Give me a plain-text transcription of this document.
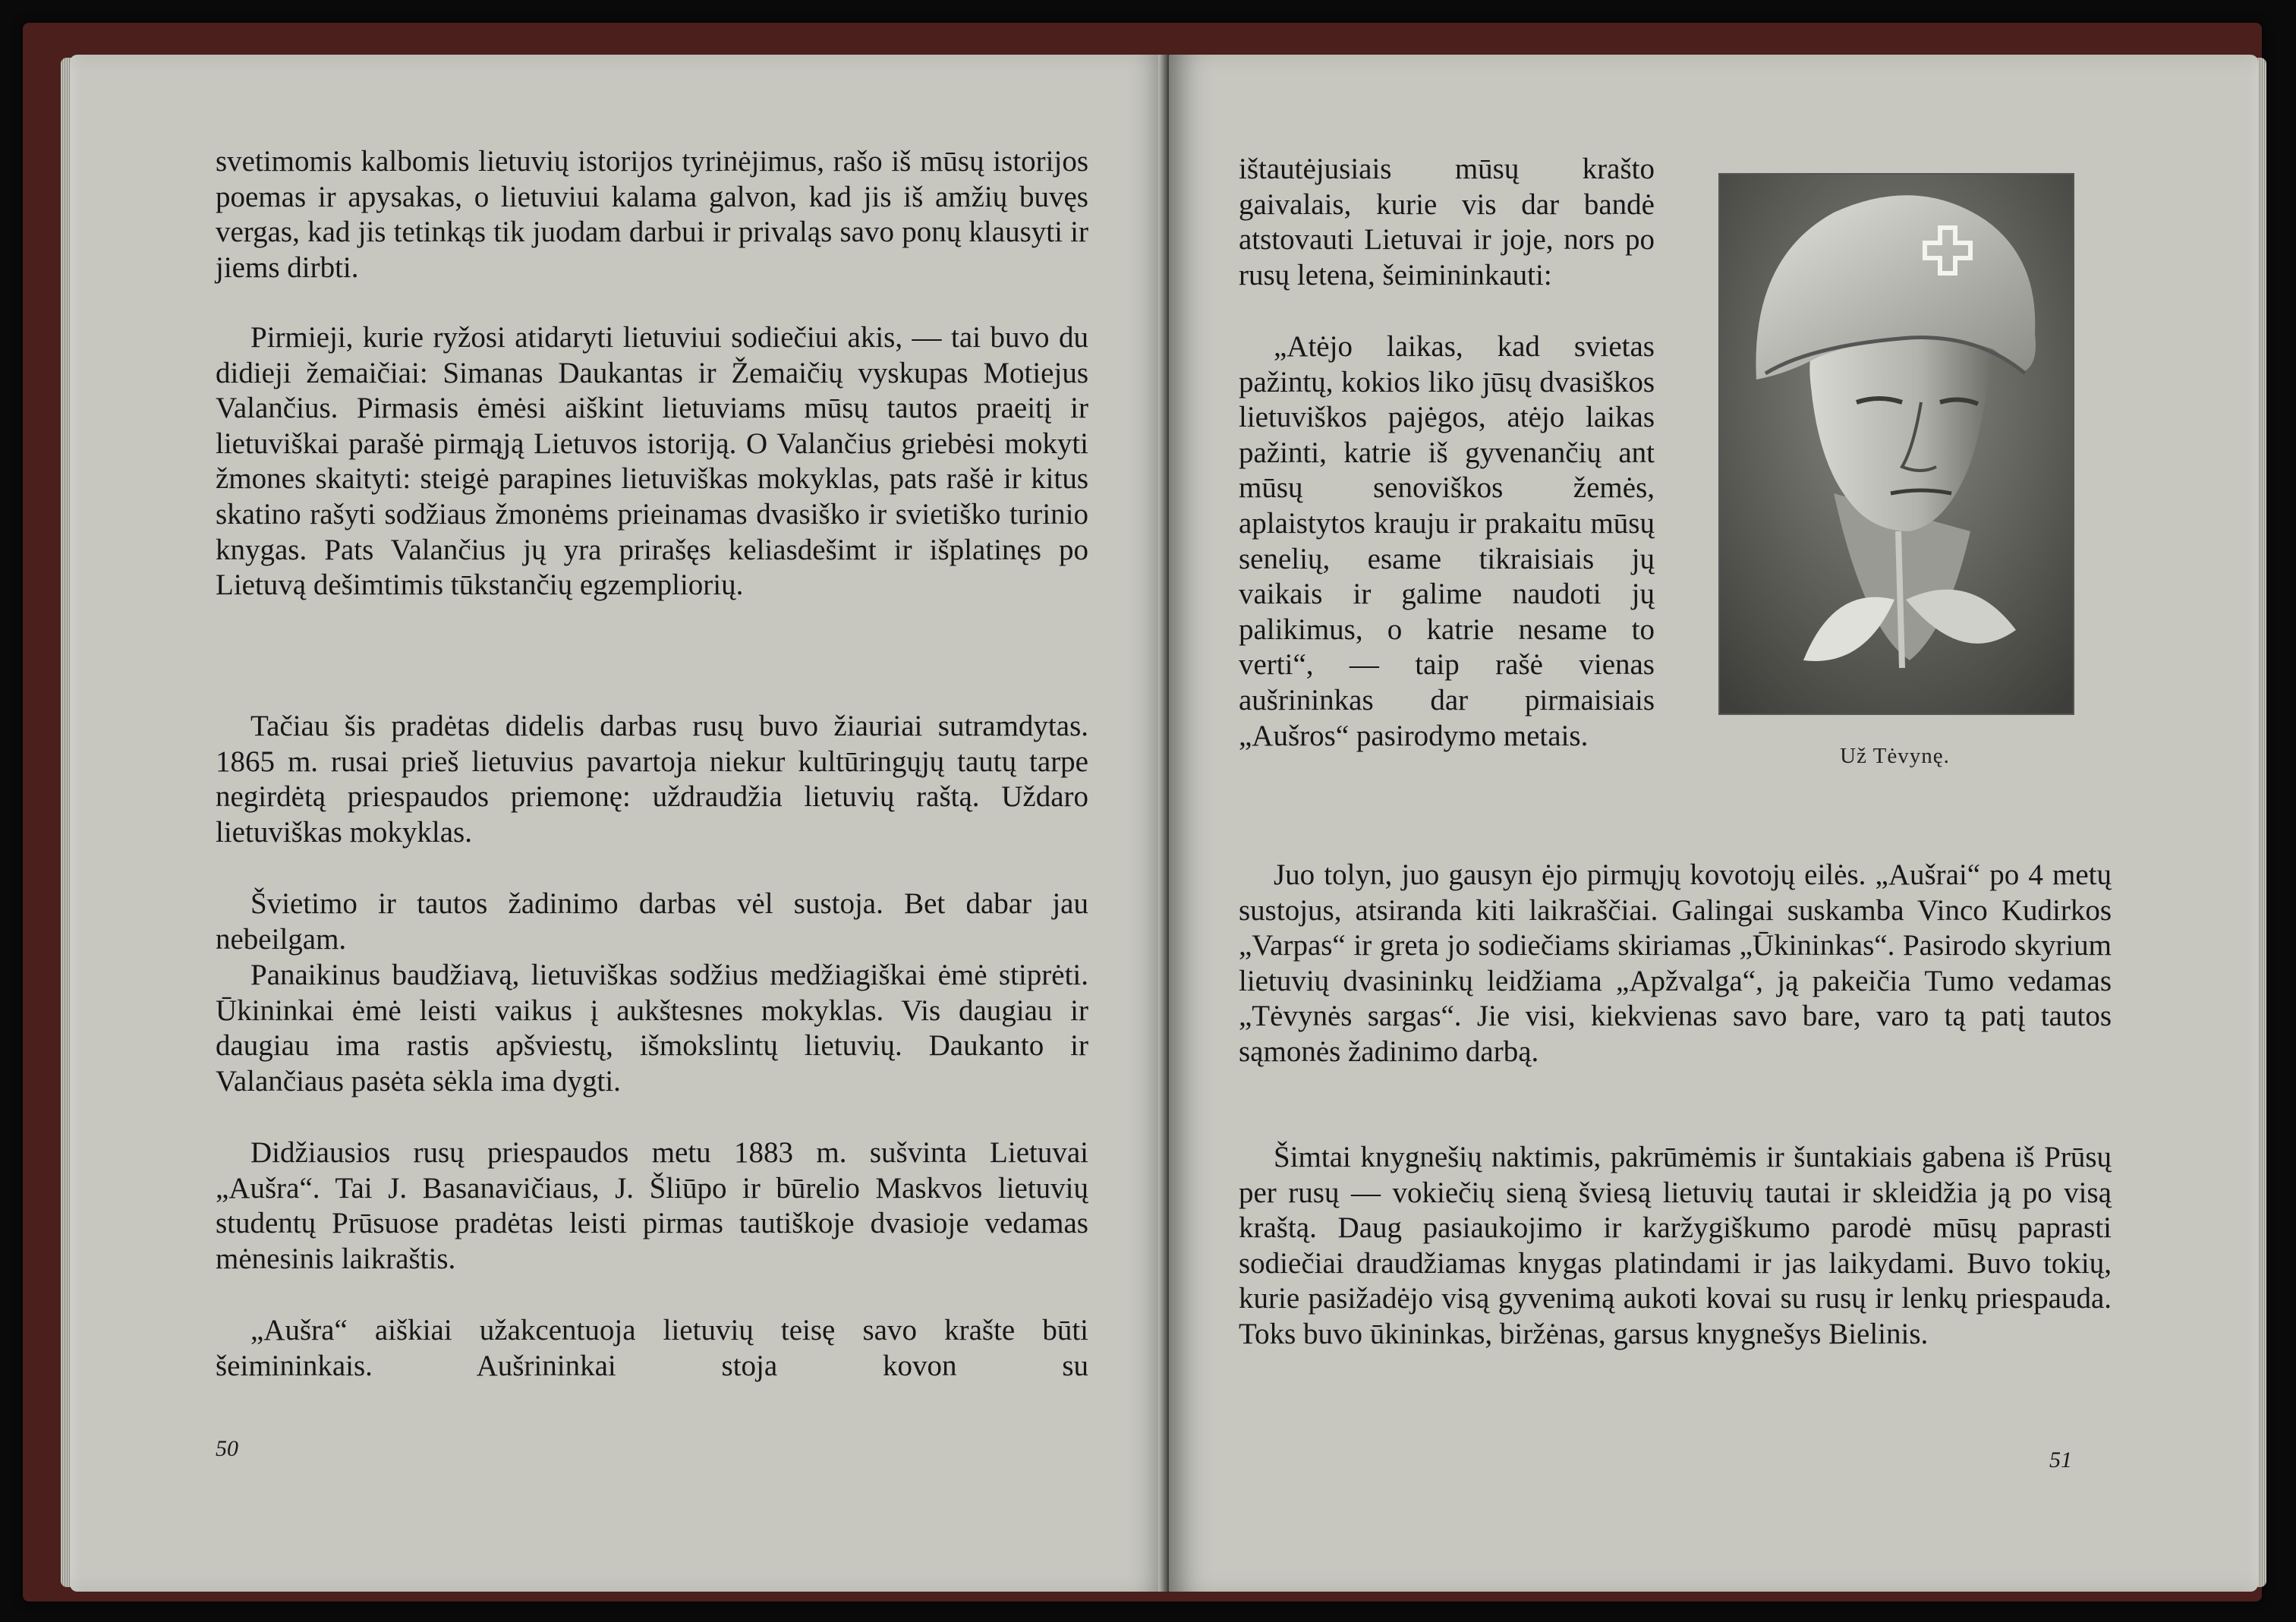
svetimomis kalbomis lietuvių istorijos tyrinėjimus, rašo iš mūsų istorijos poemas ir apysakas, o lietuviui kalama galvon, kad jis iš amžių buvęs vergas, kad jis tetinkąs tik juodam darbui ir privaląs savo ponų klausyti ir jiems dirbti.

Pirmieji, kurie ryžosi atidaryti lietuviui sodiečiui akis, — tai buvo du didieji žemaičiai: Simanas Daukantas ir Žemaičių vyskupas Motiejus Valančius. Pirmasis ėmėsi aiškint lietuviams mūsų tautos praeitį ir lietuviškai parašė pirmąją Lietuvos istoriją. O Valančius griebėsi mokyti žmones skaityti: steigė parapines lietuviškas mokyklas, pats rašė ir kitus skatino rašyti sodžiaus žmonėms prieinamas dvasiško ir svietiško turinio knygas. Pats Valančius jų yra prirašęs keliasdešimt ir išplatinęs po Lietuvą dešimtimis tūkstančių egzempliorių.

Tačiau šis pradėtas didelis darbas rusų buvo žiauriai sutramdytas. 1865 m. rusai prieš lietuvius pavartoja niekur kultūringųjų tautų tarpe negirdėtą priespaudos priemonę: uždraudžia lietuvių raštą. Uždaro lietuviškas mokyklas.

Švietimo ir tautos žadinimo darbas vėl sustoja. Bet dabar jau nebeilgam.

Panaikinus baudžiavą, lietuviškas sodžius medžiagiškai ėmė stiprėti. Ūkininkai ėmė leisti vaikus į aukštesnes mokyklas. Vis daugiau ir daugiau ima rastis apšviestų, išmokslintų lietuvių. Daukanto ir Valančiaus pasėta sėkla ima dygti.

Didžiausios rusų priespaudos metu 1883 m. sušvinta Lietuvai „Aušra“. Tai J. Basanavičiaus, J. Šliūpo ir būrelio Maskvos lietuvių studentų Prūsuose pradėtas leisti pirmas tautiškoje dvasioje vedamas mėnesinis laikraštis.

„Aušra“ aiškiai užakcentuoja lietuvių teisę savo krašte būti šeimininkais. Aušrininkai stoja kovon su

50

ištautėjusiais mūsų krašto gaivalais, kurie vis dar bandė atstovauti Lietuvai ir joje, nors po rusų letena, šeimininkauti:

„Atėjo laikas, kad svietas pažintų, kokios liko jūsų dvasiškos lietuviškos pajėgos, atėjo laikas pažinti, katrie iš gyvenančių ant mūsų senoviškos žemės, aplaistytos krauju ir prakaitu mūsų senelių, esame tikraisiais jų vaikais ir galime naudoti jų palikimus, o katrie nesame to verti“, — taip rašė vienas aušrininkas dar pirmaisiais „Aušros“ pasirodymo metais.

Už Tėvynę.

Juo tolyn, juo gausyn ėjo pirmųjų kovotojų eilės. „Aušrai“ po 4 metų sustojus, atsiranda kiti laikraščiai. Galingai suskamba Vinco Kudirkos „Varpas“ ir greta jo sodiečiams skiriamas „Ūkininkas“. Pasirodo skyrium lietuvių dvasininkų leidžiama „Apžvalga“, ją pakeičia Tumo vedamas „Tėvynės sargas“. Jie visi, kiekvienas savo bare, varo tą patį tautos sąmonės žadinimo darbą.

Šimtai knygnešių naktimis, pakrūmėmis ir šuntakiais gabena iš Prūsų per rusų — vokiečių sieną šviesą lietuvių tautai ir skleidžia ją po visą kraštą. Daug pasiaukojimo ir karžygiškumo parodė mūsų paprasti sodiečiai draudžiamas knygas platindami ir jas laikydami. Buvo tokių, kurie pasižadėjo visą gyvenimą aukoti kovai su rusų ir lenkų priespauda. Toks buvo ūkininkas, biržėnas, garsus knygnešys Bielinis.

51
